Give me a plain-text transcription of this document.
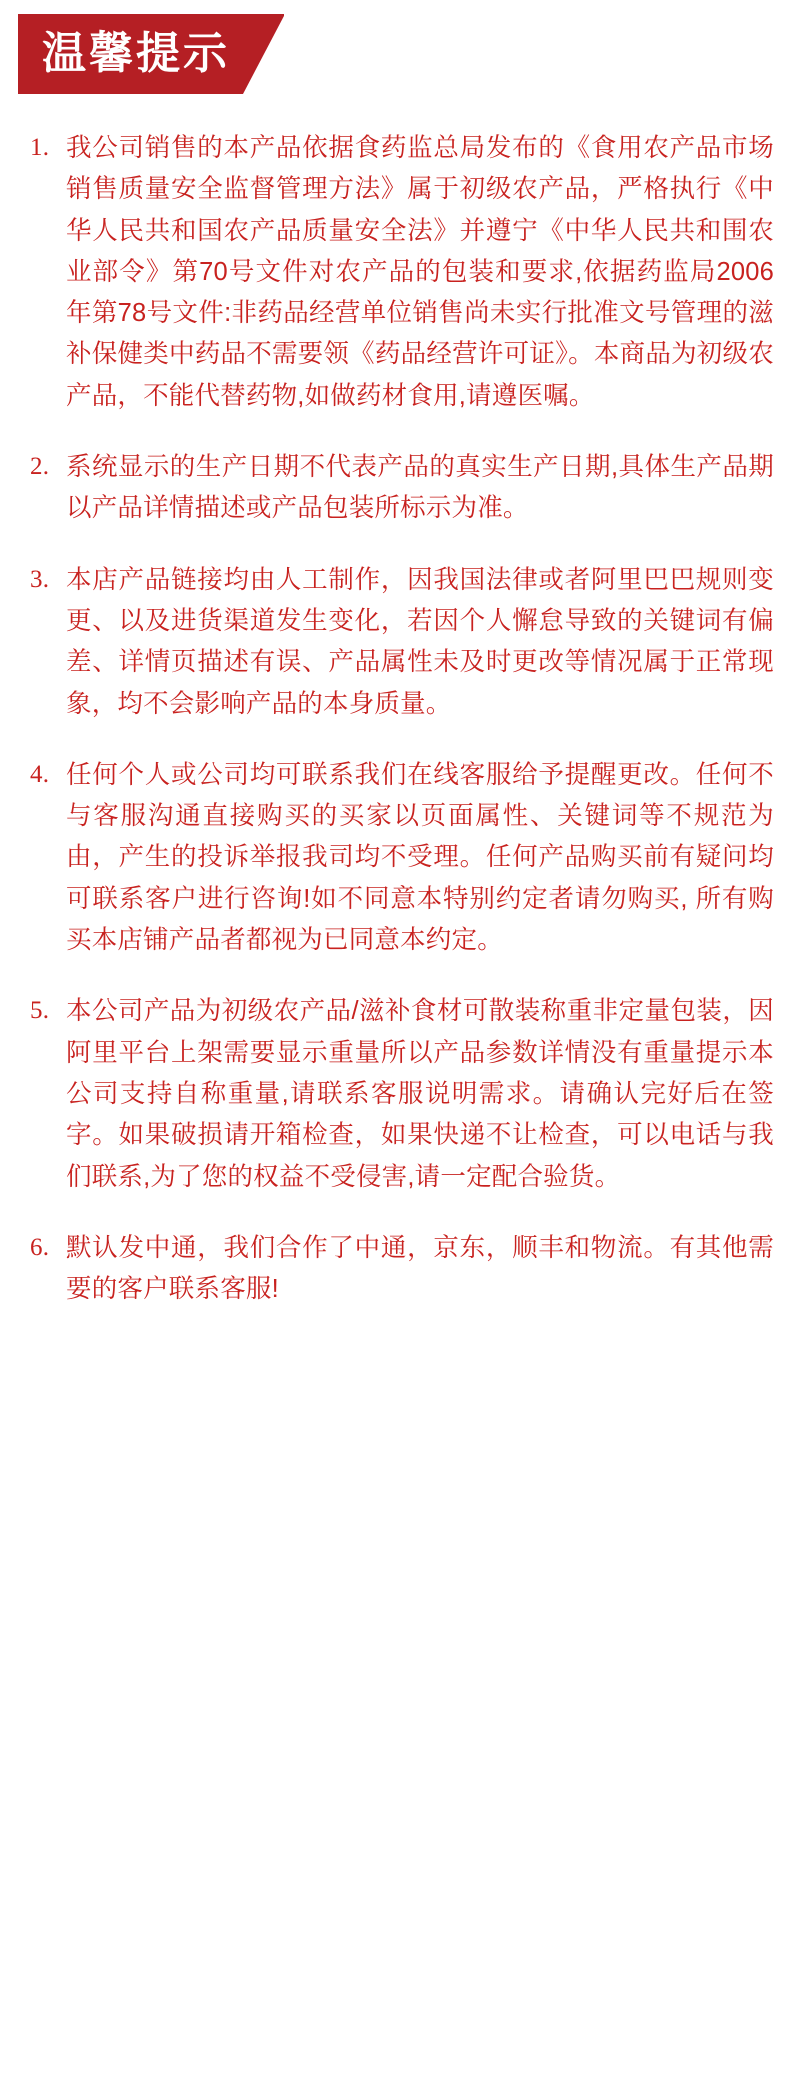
温馨提示
我公司销售的本产品依据食药监总局发布的《食用农产品市场销售质量安全监督管理方法》属于初级农产品，严格执行《中华人民共和国农产品质量安全法》并遵宁《中华人民共和围农业部令》第70号文件对农产品的包装和要求,依据药监局2006年第78号文件:非药品经营单位销售尚未实行批准文号管理的滋补保健类中药品不需要领《药品经营许可证》。本商品为初级农产品，不能代替药物,如做药材食用,请遵医嘱。
系统显示的生产日期不代表产品的真实生产日期,具体生产品期以产品详情描述或产品包装所标示为准。
本店产品链接均由人工制作，因我国法律或者阿里巴巴规则变更、以及进货渠道发生变化，若因个人懈怠导致的关键词有偏差、详情页描述有误、产品属性未及时更改等情况属于正常现象，均不会影响产品的本身质量。
任何个人或公司均可联系我们在线客服给予提醒更改。任何不与客服沟通直接购买的买家以页面属性、关键词等不规范为由，产生的投诉举报我司均不受理。任何产品购买前有疑问均可联系客户进行咨询!如不同意本特别约定者请勿购买, 所有购买本店铺产品者都视为已同意本约定。
本公司产品为初级农产品/滋补食材可散装称重非定量包装，因阿里平台上架需要显示重量所以产品参数详情没有重量提示本公司支持自称重量,请联系客服说明需求。请确认完好后在签字。如果破损请开箱检查，如果快递不让检查，可以电话与我们联系,为了您的权益不受侵害,请一定配合验货。
默认发中通，我们合作了中通，京东，顺丰和物流。有其他需要的客户联系客服!
